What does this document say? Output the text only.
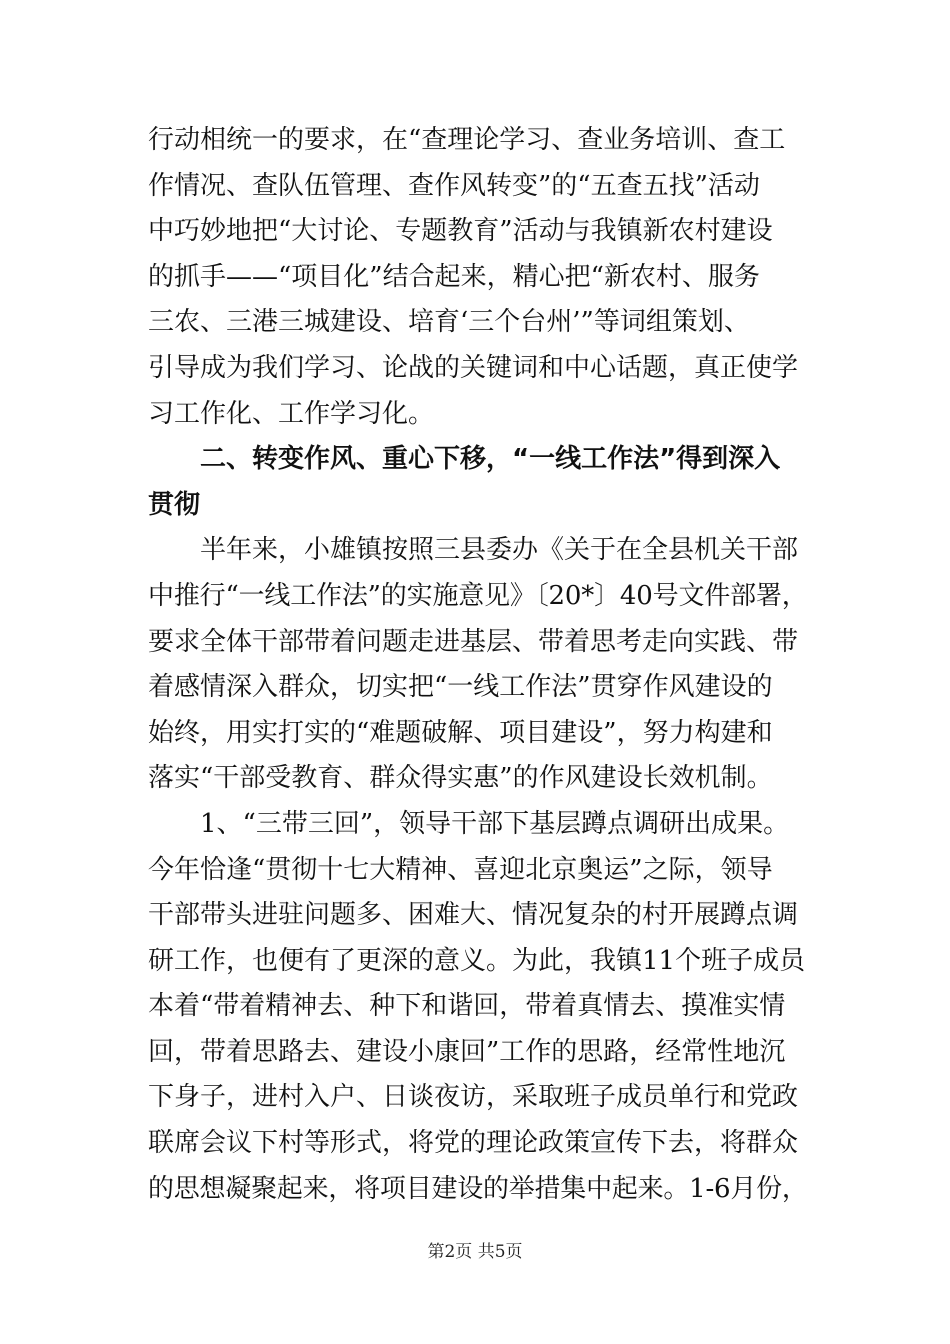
行动相统一的要求，在“查理论学习、查业务培训、查工
作情况、查队伍管理、查作风转变”的“五查五找”活动
中巧妙地把“大讨论、专题教育”活动与我镇新农村建设
的抓手——“项目化”结合起来，精心把“新农村、服务
三农、三港三城建设、培育‘三个台州’”等词组策划、
引导成为我们学习、论战的关键词和中心话题，真正使学
习工作化、工作学习化。
二、转变作风、重心下移，“一线工作法”得到深入
贯彻
半年来，小雄镇按照三县委办《关于在全县机关干部
中推行“一线工作法”的实施意见》〔20*〕40号文件部署，
要求全体干部带着问题走进基层、带着思考走向实践、带
着感情深入群众，切实把“一线工作法”贯穿作风建设的
始终，用实打实的“难题破解、项目建设”，努力构建和
落实“干部受教育、群众得实惠”的作风建设长效机制。
1、“三带三回”，领导干部下基层蹲点调研出成果。
今年恰逢“贯彻十七大精神、喜迎北京奥运”之际，领导
干部带头进驻问题多、困难大、情况复杂的村开展蹲点调
研工作，也便有了更深的意义。为此，我镇11个班子成员
本着“带着精神去、种下和谐回，带着真情去、摸准实情
回，带着思路去、建设小康回”工作的思路，经常性地沉
下身子，进村入户、日谈夜访，采取班子成员单行和党政
联席会议下村等形式，将党的理论政策宣传下去，将群众
的思想凝聚起来，将项目建设的举措集中起来。1-6月份，
第2页 共5页
